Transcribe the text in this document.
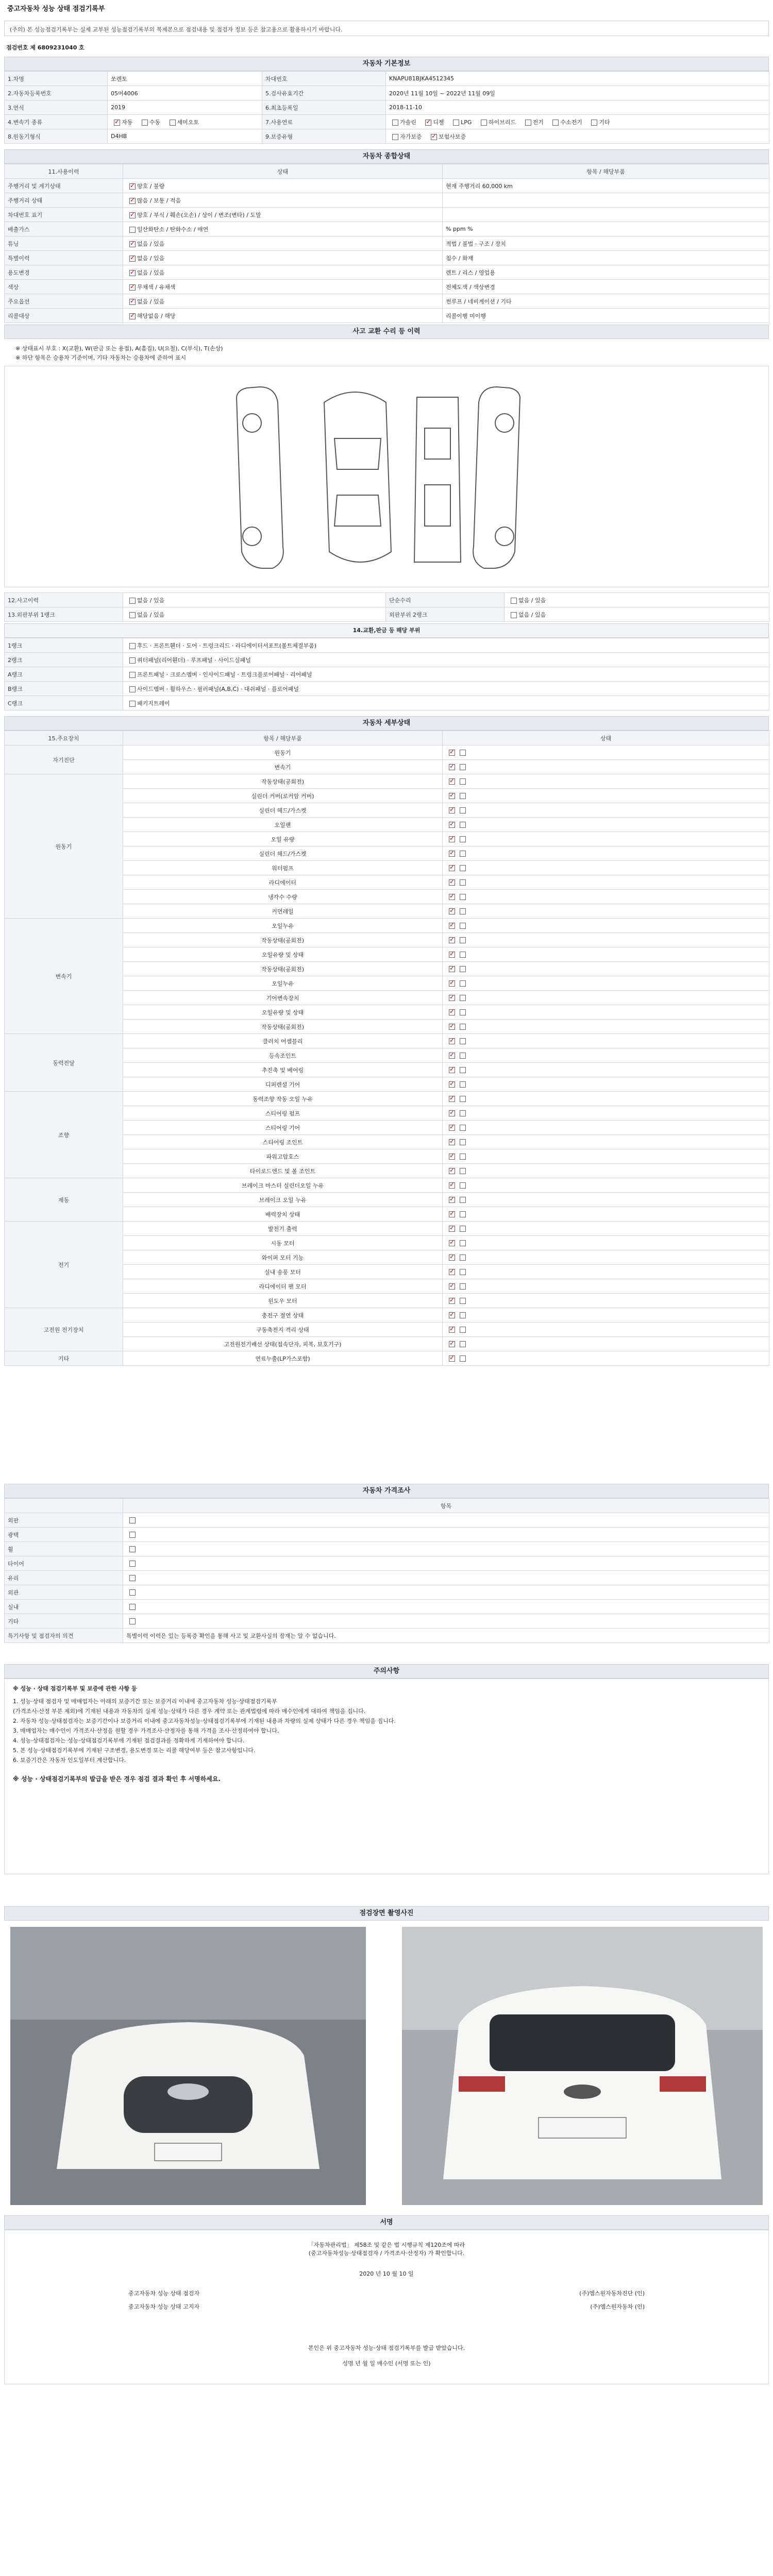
중고자동차 성능 상태 점검기록부
(주의) 본 성능점검기록부는 실제 교부된 성능점검기록부의 복제본으로 점검내용 및 점검자 정보 등은 참고용으로 활용하시기 바랍니다.
점검번호 제 6809231040 호
자동차 기본정보
1.차명	쏘렌토	차대번호	KNAPU81BJKA4512345
2.자동차등록번호	05머4006	5.검사유효기간	2020년 11월 10일 ~ 2022년 11월 09일
3.연식	2019	6.최초등록일	2018-11-10
4.변속기 종류	✓자동 수동 세미오토	7.사용연료	가솔린 ✓ 디젤 LPG 하이브리드 전기 수소전기 기타
8.원동기형식	D4HB	9.보증유형	자가보증 ✓ 보험사보증
자동차 종합상태
11.사용이력	상태	항목 / 해당부품
주행거리 및 계기상태	✓양호 / 불량	현재 주행거리 60,000 km
주행거리 상태	✓많음 / 보통 / 적음	
차대번호 표기	✓양호 / 부식 / 훼손(오손) / 상이 / 변조(변타) / 도말	
배출가스	일산화탄소 / 탄화수소 / 매연	% ppm %
튜닝	✓없음 / 있음	적법 / 불법 · 구조 / 장치
특별이력	✓없음 / 있음	침수 / 화재
용도변경	✓없음 / 있음	렌트 / 리스 / 영업용
색상	✓무채색 / 유채색	전체도색 / 색상변경
주요옵션	✓없음 / 있음	썬루프 / 네비게이션 / 기타
리콜대상	✓해당없음 / 해당	리콜이행 미이행
사고 교환 수리 등 이력
※ 상태표시 부호 : X(교환), W(판금 또는 용접), A(흠집), U(요철), C(부식), T(손상)
※ 하단 항목은 승용차 기준이며, 기타 자동차는 승용차에 준하여 표시
12.사고이력	없음 / 있음	단순수리	없음 / 있음
13.외판부위 1랭크	없음 / 있음	외판부위 2랭크	없음 / 있음
14.교환,판금 등 해당 부위
1랭크	후드 · 프론트휀더 · 도어 · 트렁크리드 · 라디에이터서포트(볼트체결부품)
2랭크	쿼터패널(리어휀더) · 루프패널 · 사이드실패널
A랭크	프론트패널 · 크로스멤버 · 인사이드패널 · 트렁크플로어패널 · 리어패널
B랭크	사이드멤버 · 휠하우스 · 필러패널(A,B,C) · 대쉬패널 · 플로어패널
C랭크	패키지트레이
자동차 세부상태
15.주요장치	항목 / 해당부품	상태
자기진단	원동기	✓
	변속기	✓
원동기	작동상태(공회전)	✓
	실린더 커버(로커암 커버)	✓
	실린더 헤드/가스켓	✓
	오일팬	✓
	오일 유량	✓
	실린더 헤드/가스켓	✓
	워터펌프	✓
	라디에이터	✓
	냉각수 수량	✓
	커먼레일	✓
변속기	오일누유	✓
	작동상태(공회전)	✓
	오일유량 및 상태	✓
	작동상태(공회전)	✓
	오일누유	✓
	기어변속장치	✓
	오일유량 및 상태	✓
	작동상태(공회전)	✓
동력전달	클러치 어셈블리	✓
	등속조인트	✓
	추진축 및 베어링	✓
	디퍼렌셜 기어	✓
조향	동력조향 작동 오일 누유	✓
	스티어링 펌프	✓
	스티어링 기어	✓
	스티어링 조인트	✓
	파워고압호스	✓
	타이로드엔드 및 볼 조인트	✓
제동	브레이크 마스터 실린더오일 누유	✓
	브레이크 오일 누유	✓
	배력장치 상태	✓
전기	발전기 출력	✓
	시동 모터	✓
	와이퍼 모터 기능	✓
	실내 송풍 모터	✓
	라디에이터 팬 모터	✓
	윈도우 모터	✓
고전원 전기장치	충전구 절연 상태	✓
	구동축전지 격리 상태	✓
	고전원전기배선 상태(접속단자, 피복, 보호기구)	✓
기타	연료누출(LP가스포함)	✓
자동차 가격조사
	항목
외판	
광택	
휠	
타이어	
유리	
외관	
실내	
기타	
특기사항 및 점검자의 의견	특별이력 이력은 있는 등록증 확인을 통해 사고 및 교환사실의 잠재는 알 수 없습니다.
주의사항

※ 성능 · 상태 점검기록부 및 보증에 관한 사항 등

1. 성능·상태 점검자 및 매매업자는 아래의 보증기간 또는 보증거리 이내에 중고자동차 성능·상태점검기록부

(가격조사·산정 부분 제외)에 기재된 내용과 자동차의 실제 성능·상태가 다른 경우 계약 또는 관계법령에 따라 매수인에게 대하여 책임을 집니다.

2. 자동차 성능·상태점검자는 보증기간이나 보증거리 이내에 중고자동차성능·상태점검기록부에 기재된 내용과 차량의 실제 상태가 다른 경우 책임을 집니다.

3. 매매업자는 매수인이 가격조사·산정을 원할 경우 가격조사·산정자를 통해 가격을 조사·산정하여야 합니다.

4. 성능·상태점검자는 성능·상태점검기록부에 기재된 점검결과를 정확하게 기재하여야 합니다.

5. 본 성능·상태점검기록부에 기재된 구조변경, 용도변경 또는 리콜 해당여부 등은 참고사항입니다.

6. 보증기간은 자동차 인도일부터 계산합니다.

※ 성능 · 상태점검기록부의 발급을 받은 경우 점검 결과 확인 후 서명하세요.

점검장면 촬영사진
서명

「자동차관리법」 제58조 및 같은 법 시행규칙 제120조에 따라

(중고자동차성능·상태점검자 / 가격조사·산정자) 가 확인합니다.

2020 년 10 월 10 일

중고자동차 성능 상태 점검자

중고자동차 성능 상태 고지자

(주)엠스원자동차진단 (인)

(주)엠스원자동차 (인)

본인은 위 중고자동차 성능·상태 점검기록부를 발급 받았습니다.

성명 년 월 일 매수인 (서명 또는 인)
